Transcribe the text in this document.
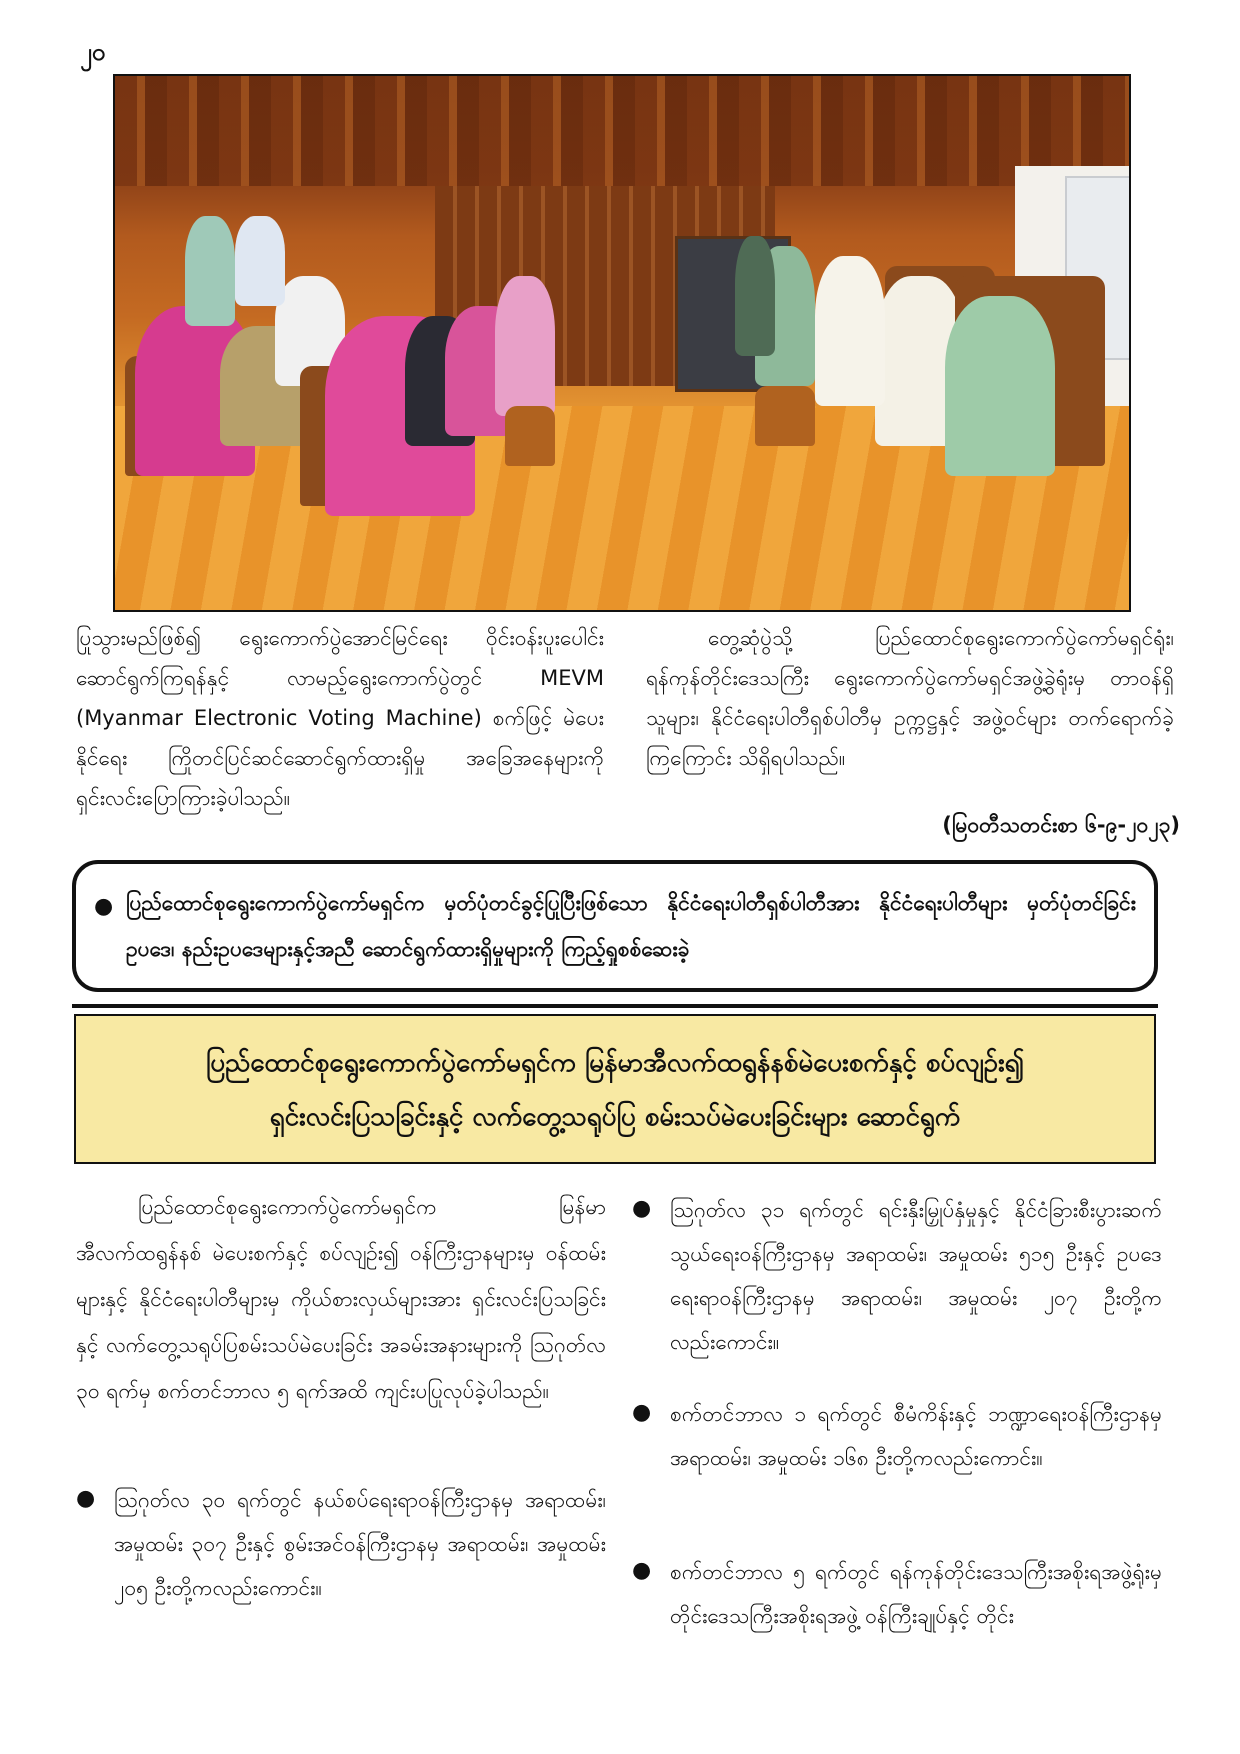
၂၀
ပြုသွားမည်ဖြစ်၍ ရွေးကောက်ပွဲအောင်မြင်ရေး ဝိုင်းဝန်းပူးပေါင်းဆောင်ရွက်ကြရန်နှင့် လာမည့်ရွေးကောက်ပွဲတွင် MEVM (Myanmar Electronic Voting Machine) စက်ဖြင့် မဲပေးနိုင်ရေး ကြိုတင်ပြင်ဆင်ဆောင်ရွက်ထားရှိမှု အခြေအနေများကို ရှင်းလင်းပြောကြားခဲ့ပါသည်။
တွေ့ဆုံပွဲသို့ ပြည်ထောင်စုရွေးကောက်ပွဲကော်မရှင်ရုံး၊ ရန်ကုန်တိုင်းဒေသကြီး ရွေးကောက်ပွဲကော်မရှင်အဖွဲ့ခွဲရုံးမှ တာဝန်ရှိသူများ၊ နိုင်ငံရေးပါတီရှစ်ပါတီမှ ဥက္ကဋ္ဌနှင့် အဖွဲ့ဝင်များ တက်ရောက်ခဲ့ကြကြောင်း သိရှိရပါသည်။
(မြဝတီသတင်းစာ ၆-၉-၂၀၂၃)
● ပြည်ထောင်စုရွေးကောက်ပွဲကော်မရှင်က မှတ်ပုံတင်ခွင့်ပြုပြီးဖြစ်သော နိုင်ငံရေးပါတီရှစ်ပါတီအား နိုင်ငံရေးပါတီများ မှတ်ပုံတင်ခြင်း ဥပဒေ၊ နည်းဥပဒေများနှင့်အညီ ဆောင်ရွက်ထားရှိမှုများကို ကြည့်ရှုစစ်ဆေးခဲ့
ပြည်ထောင်စုရွေးကောက်ပွဲကော်မရှင်က မြန်မာအီလက်ထရွန်နစ်မဲပေးစက်နှင့် စပ်လျဉ်း၍
ရှင်းလင်းပြသခြင်းနှင့် လက်တွေ့သရုပ်ပြ စမ်းသပ်မဲပေးခြင်းများ ဆောင်ရွက်
ပြည်ထောင်စုရွေးကောက်ပွဲကော်မရှင်က မြန်မာအီလက်ထရွန်နစ် မဲပေးစက်နှင့် စပ်လျဉ်း၍ ဝန်ကြီးဌာနများမှ ဝန်ထမ်းများနှင့် နိုင်ငံရေးပါတီများမှ ကိုယ်စားလှယ်များအား ရှင်းလင်းပြသခြင်းနှင့် လက်တွေ့သရုပ်ပြစမ်းသပ်မဲပေးခြင်း အခမ်းအနားများကို ဩဂုတ်လ ၃၀ ရက်မှ စက်တင်ဘာလ ၅ ရက်အထိ ကျင်းပပြုလုပ်ခဲ့ပါသည်။
● ဩဂုတ်လ ၃၀ ရက်တွင် နယ်စပ်ရေးရာဝန်ကြီးဌာနမှ အရာထမ်း၊ အမှုထမ်း ၃၀၇ ဦးနှင့် စွမ်းအင်ဝန်ကြီးဌာနမှ အရာထမ်း၊ အမှုထမ်း ၂၀၅ ဦးတို့ကလည်းကောင်း။
● ဩဂုတ်လ ၃၁ ရက်တွင် ရင်းနှီးမြှုပ်နှံမှုနှင့် နိုင်ငံခြားစီးပွားဆက်သွယ်ရေးဝန်ကြီးဌာနမှ အရာထမ်း၊ အမှုထမ်း ၅၁၅ ဦးနှင့် ဥပဒေရေးရာဝန်ကြီးဌာနမှ အရာထမ်း၊ အမှုထမ်း ၂၀၇ ဦးတို့ကလည်းကောင်း။
● စက်တင်ဘာလ ၁ ရက်တွင် စီမံကိန်းနှင့် ဘဏ္ဍာရေးဝန်ကြီးဌာနမှ အရာထမ်း၊ အမှုထမ်း ၁၆၈ ဦးတို့ကလည်းကောင်း။
● စက်တင်ဘာလ ၅ ရက်တွင် ရန်ကုန်တိုင်းဒေသကြီးအစိုးရအဖွဲ့ရုံးမှ တိုင်းဒေသကြီးအစိုးရအဖွဲ့ ဝန်ကြီးချုပ်နှင့် တိုင်း
